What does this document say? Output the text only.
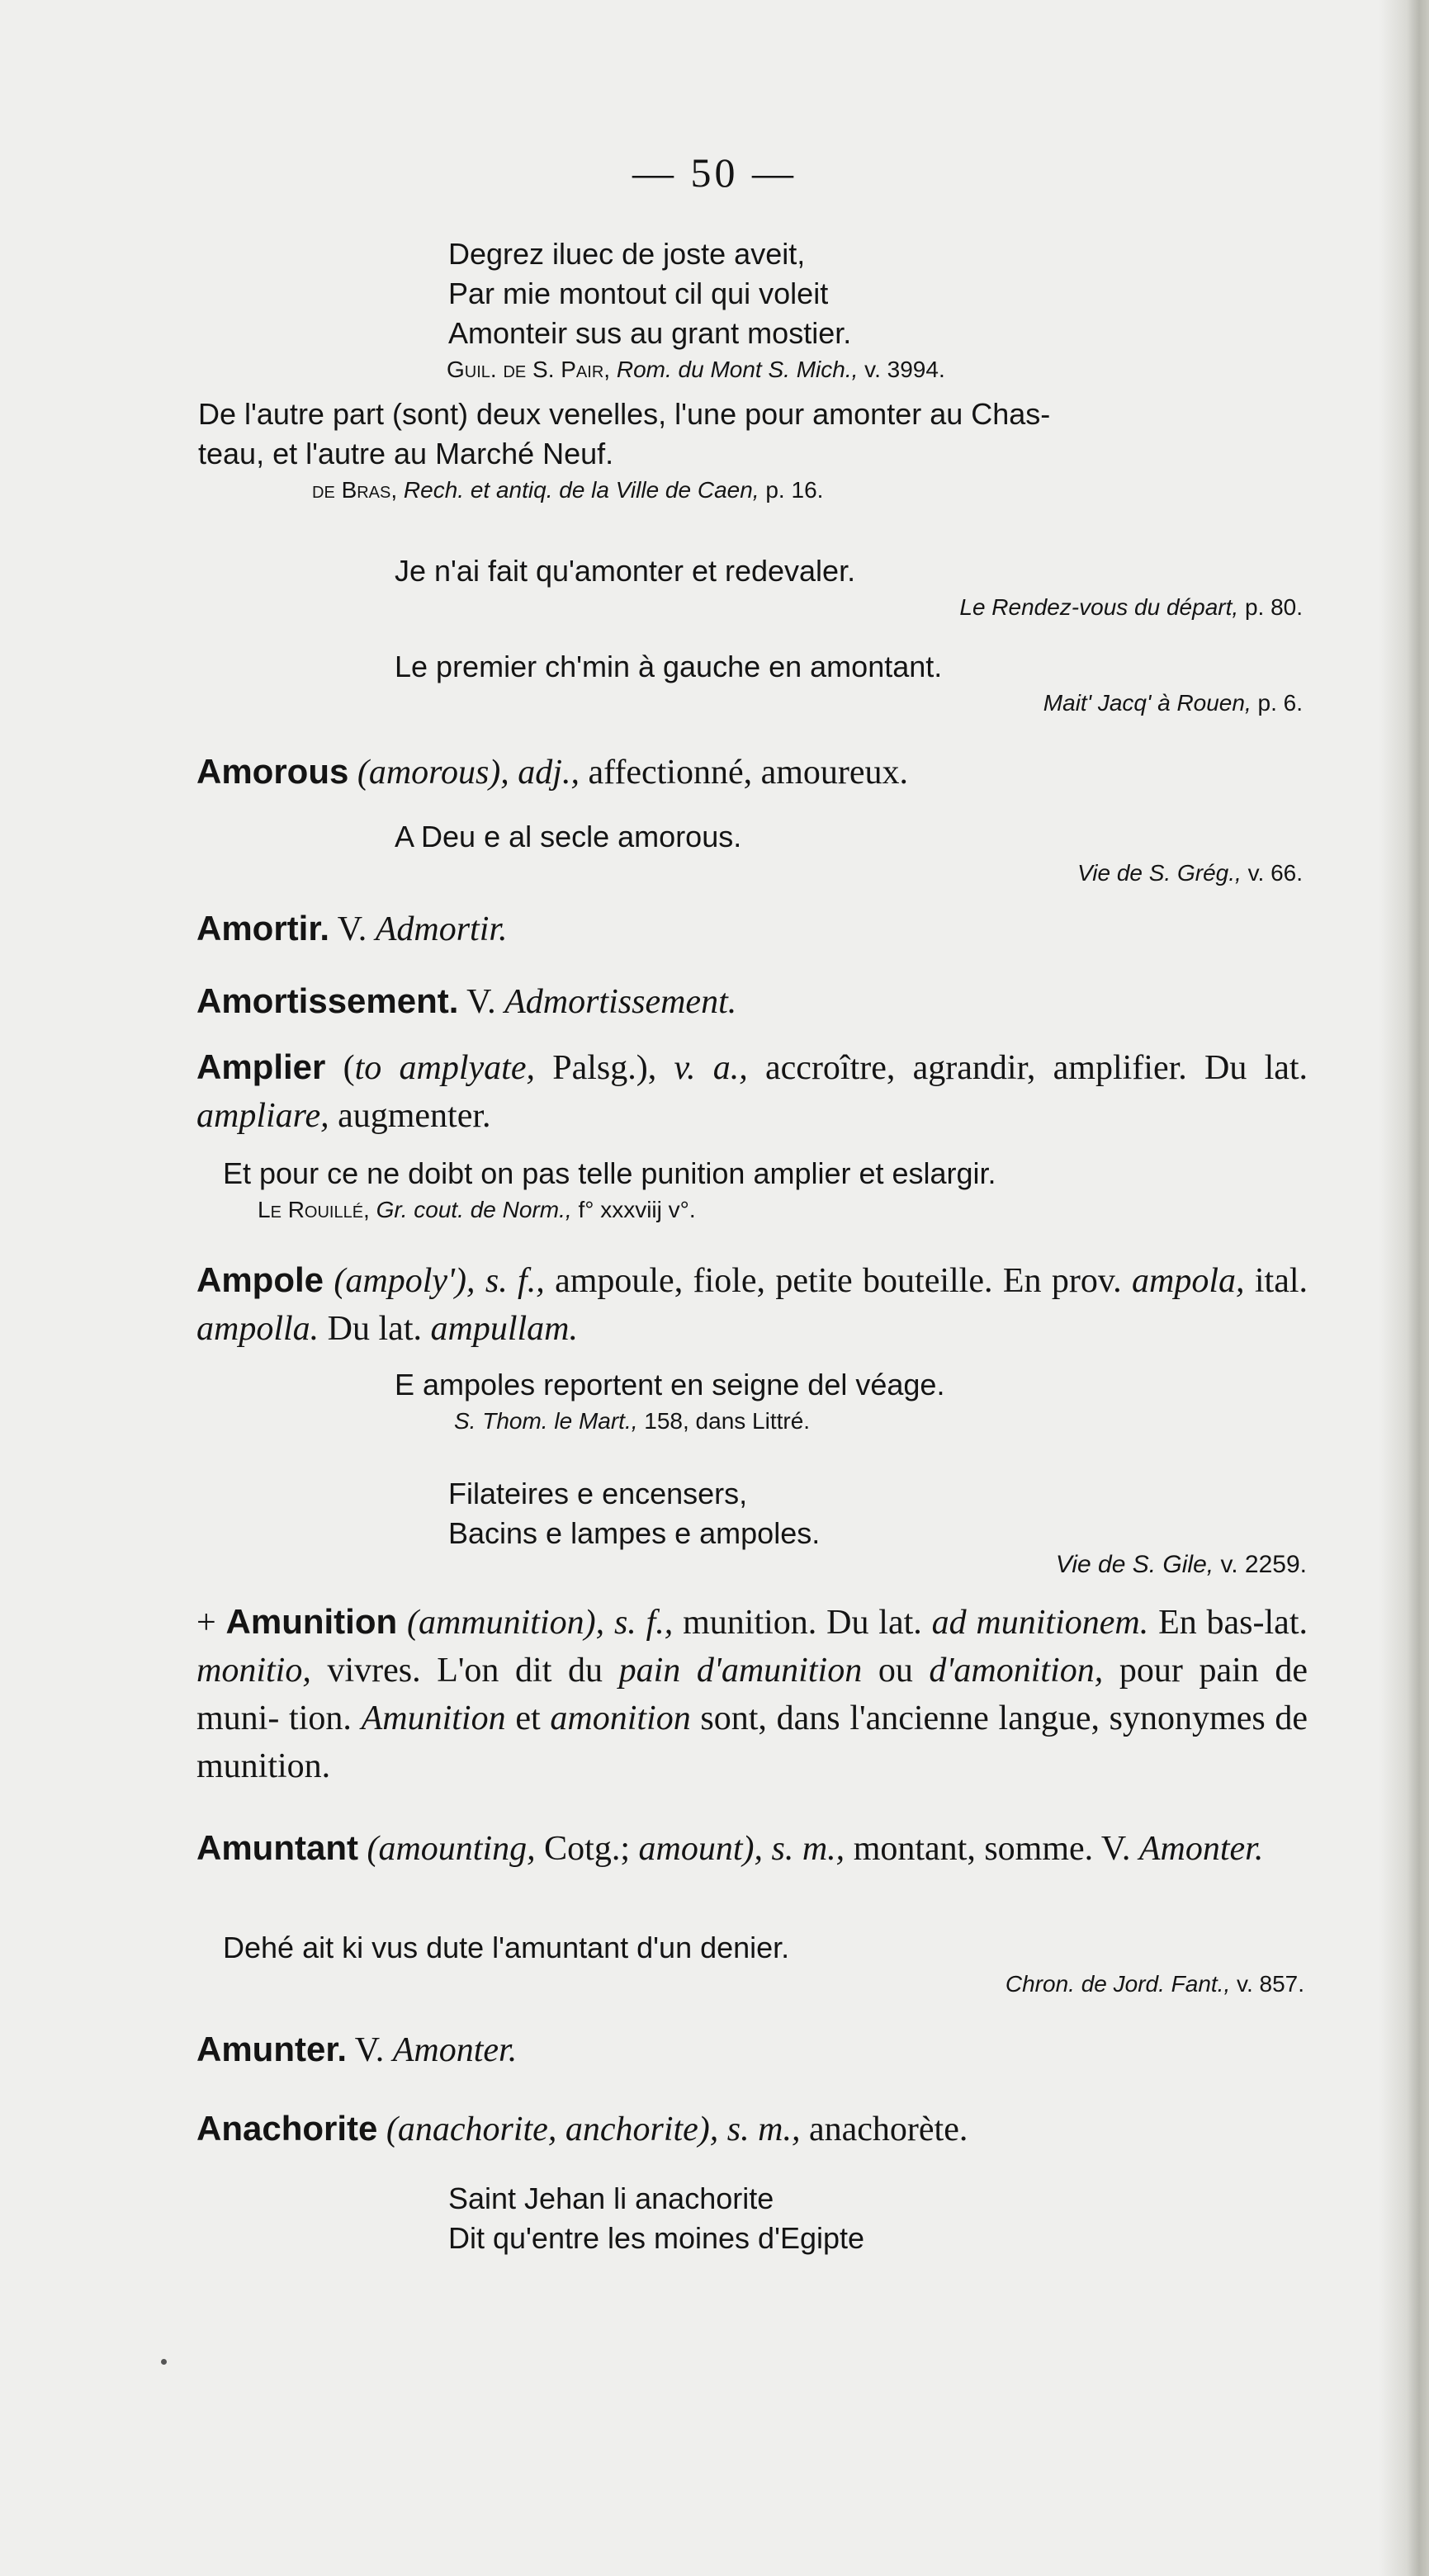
— 50 —
Degrez iluec de joste aveit,
Par mie montout cil qui voleit
Amonteir sus au grant mostier.
Guil. de S. Pair, Rom. du Mont S. Mich., v. 3994.
De l'autre part (sont) deux venelles, l'une pour amonter au Chas-
teau, et l'autre au Marché Neuf.
de Bras, Rech. et antiq. de la Ville de Caen, p. 16.
Je n'ai fait qu'amonter et redevaler.
Le Rendez-vous du départ, p. 80.
Le premier ch'min à gauche en amontant.
Mait' Jacq' à Rouen, p. 6.
Amorous (amorous), adj., affectionné, amoureux.
A Deu e al secle amorous.
Vie de S. Grég., v. 66.
Amortir. V. Admortir.
Amortissement. V. Admortissement.
Amplier (to amplyate, Palsg.), v. a., accroître, agrandir, amplifier. Du lat. ampliare, augmenter.
Et pour ce ne doibt on pas telle punition amplier et eslargir.
Le Rouillé, Gr. cout. de Norm., f° xxxviij v°.
Ampole (ampoly'), s. f., ampoule, fiole, petite bouteille. En prov. ampola, ital. ampolla. Du lat. ampullam.
E ampoles reportent en seigne del véage.
S. Thom. le Mart., 158, dans Littré.
Filateires e encensers,
Bacins e lampes e ampoles.
Vie de S. Gile, v. 2259.
+ Amunition (ammunition), s. f., munition. Du lat. ad munitionem. En bas-lat. monitio, vivres. L'on dit du pain d'amunition ou d'amonition, pour pain de muni- tion. Amunition et amonition sont, dans l'ancienne langue, synonymes de munition.
Amuntant (amounting, Cotg.; amount), s. m., montant, somme. V. Amonter.
Dehé ait ki vus dute l'amuntant d'un denier.
Chron. de Jord. Fant., v. 857.
Amunter. V. Amonter.
Anachorite (anachorite, anchorite), s. m., anachorète.
Saint Jehan li anachorite
Dit qu'entre les moines d'Egipte
